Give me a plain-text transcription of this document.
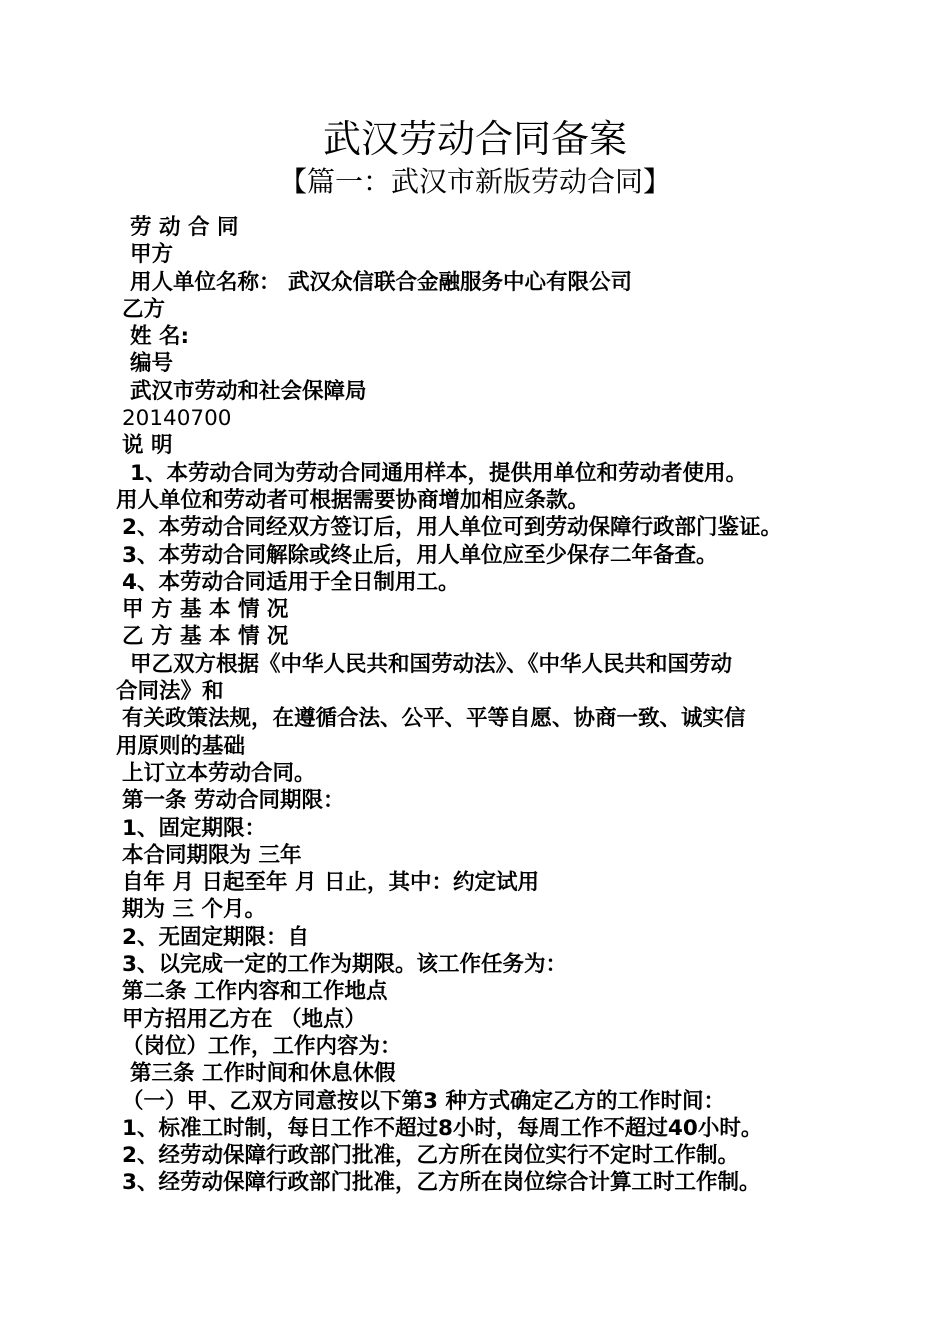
武汉劳动合同备案
【篇一：武汉市新版劳动合同】
劳 动 合 同
甲方
用人单位名称： 武汉众信联合金融服务中心有限公司
乙方
姓 名:
编号
武汉市劳动和社会保障局
20140700
说 明
1、本劳动合同为劳动合同通用样本，提供用单位和劳动者使用。
用人单位和劳动者可根据需要协商增加相应条款。
2、本劳动合同经双方签订后，用人单位可到劳动保障行政部门鉴证。
3、本劳动合同解除或终止后，用人单位应至少保存二年备查。
4、本劳动合同适用于全日制用工。
甲 方 基 本 情 况
乙 方 基 本 情 况
甲乙双方根据《中华人民共和国劳动法》、《中华人民共和国劳动
合同法》和
有关政策法规，在遵循合法、公平、平等自愿、协商一致、诚实信
用原则的基础
上订立本劳动合同。
第一条 劳动合同期限：
1、固定期限：
本合同期限为 三年
自年 月 日起至年 月 日止，其中：约定试用
期为 三 个月。
2、无固定期限：自
3、以完成一定的工作为期限。该工作任务为：
第二条 工作内容和工作地点
甲方招用乙方在 （地点）
（岗位）工作，工作内容为：
第三条 工作时间和休息休假
（一）甲、乙双方同意按以下第3 种方式确定乙方的工作时间：
1、标准工时制，每日工作不超过8小时，每周工作不超过40小时。
2、经劳动保障行政部门批准，乙方所在岗位实行不定时工作制。
3、经劳动保障行政部门批准，乙方所在岗位综合计算工时工作制。
